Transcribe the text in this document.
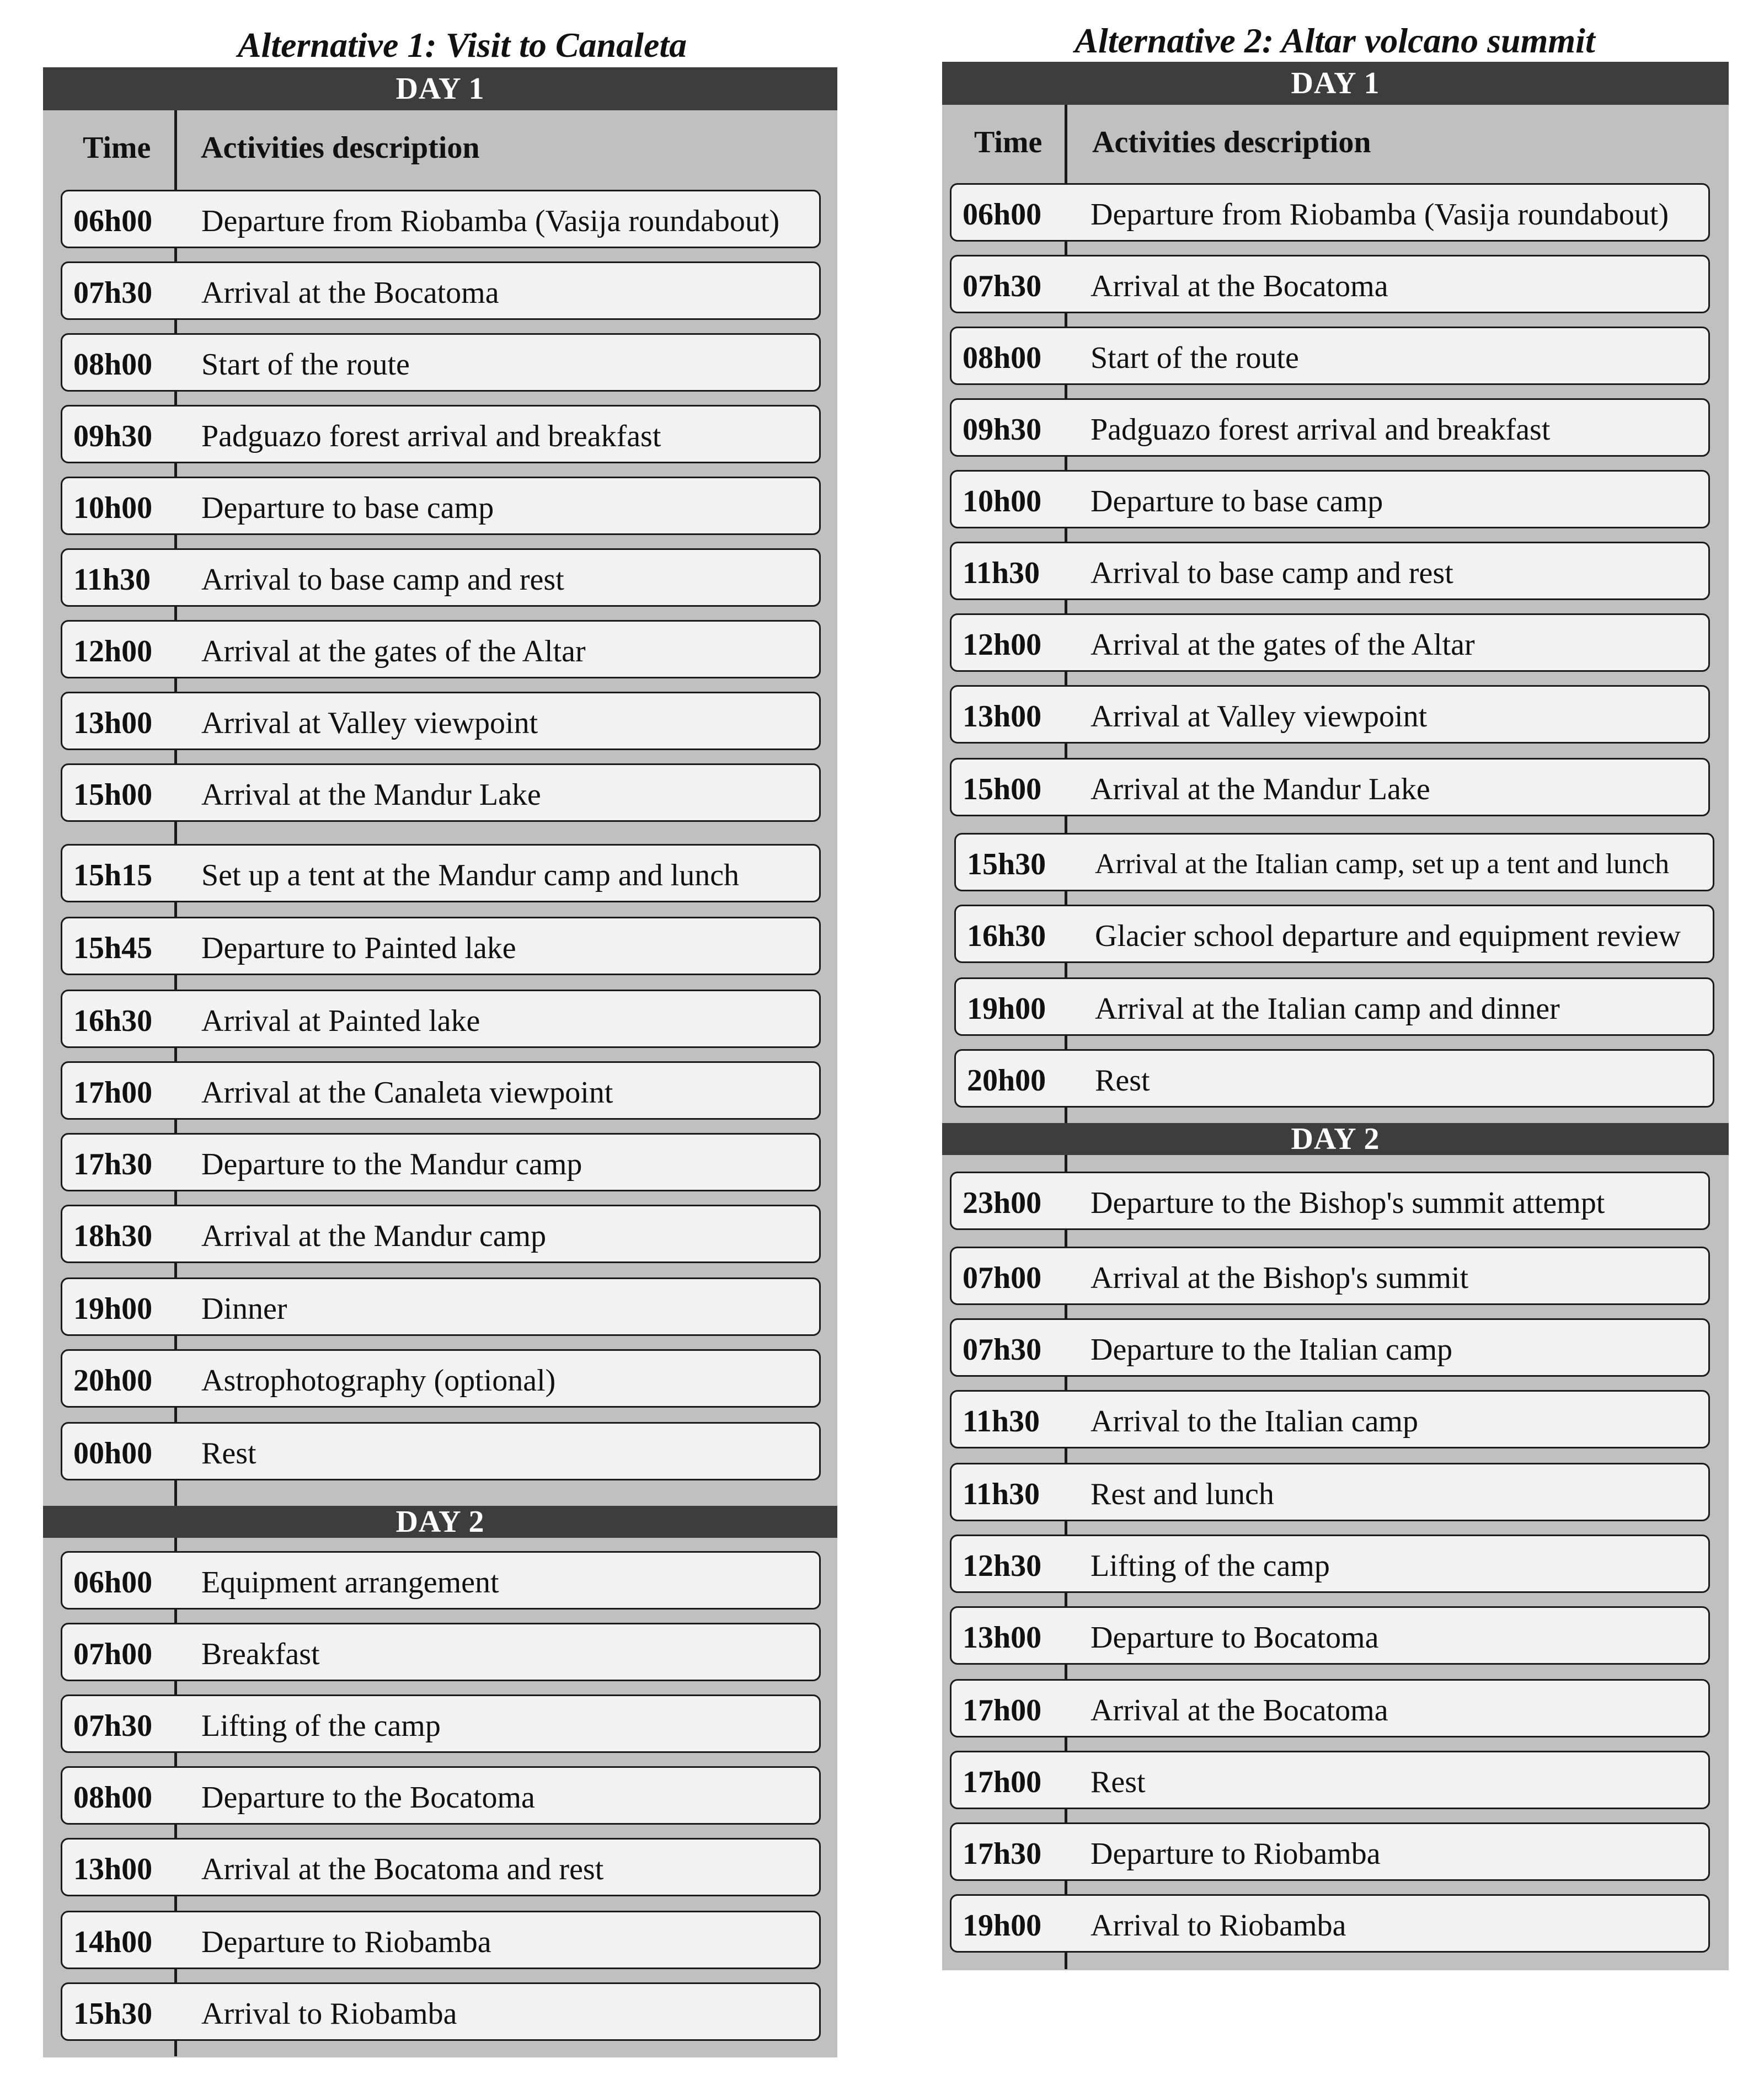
Alternative 1: Visit to Canaleta
DAY 1
Time Activities description
06h00 Departure from Riobamba (Vasija roundabout)
07h30 Arrival at the Bocatoma
08h00 Start of the route
09h30 Padguazo forest arrival and breakfast
10h00 Departure to base camp
11h30 Arrival to base camp and rest
12h00 Arrival at the gates of the Altar
13h00 Arrival at Valley viewpoint
15h00 Arrival at the Mandur Lake
15h15 Set up a tent at the Mandur camp and lunch
15h45 Departure to Painted lake
16h30 Arrival at Painted lake
17h00 Arrival at the Canaleta viewpoint
17h30 Departure to the Mandur camp
18h30 Arrival at the Mandur camp
19h00 Dinner
20h00 Astrophotography (optional)
00h00 Rest
DAY 2
06h00 Equipment arrangement
07h00 Breakfast
07h30 Lifting of the camp
08h00 Departure to the Bocatoma
13h00 Arrival at the Bocatoma and rest
14h00 Departure to Riobamba
15h30 Arrival to Riobamba
Alternative 2: Altar volcano summit
DAY 1
Time Activities description
06h00 Departure from Riobamba (Vasija roundabout)
07h30 Arrival at the Bocatoma
08h00 Start of the route
09h30 Padguazo forest arrival and breakfast
10h00 Departure to base camp
11h30 Arrival to base camp and rest
12h00 Arrival at the gates of the Altar
13h00 Arrival at Valley viewpoint
15h00 Arrival at the Mandur Lake
15h30 Arrival at the Italian camp, set up a tent and lunch
16h30 Glacier school departure and equipment review
19h00 Arrival at the Italian camp and dinner
20h00 Rest
DAY 2
23h00 Departure to the Bishop's summit attempt
07h00 Arrival at the Bishop's summit
07h30 Departure to the Italian camp
11h30 Arrival to the Italian camp
11h30 Rest and lunch
12h30 Lifting of the camp
13h00 Departure to Bocatoma
17h00 Arrival at the Bocatoma
17h00 Rest
17h30 Departure to Riobamba
19h00 Arrival to Riobamba
